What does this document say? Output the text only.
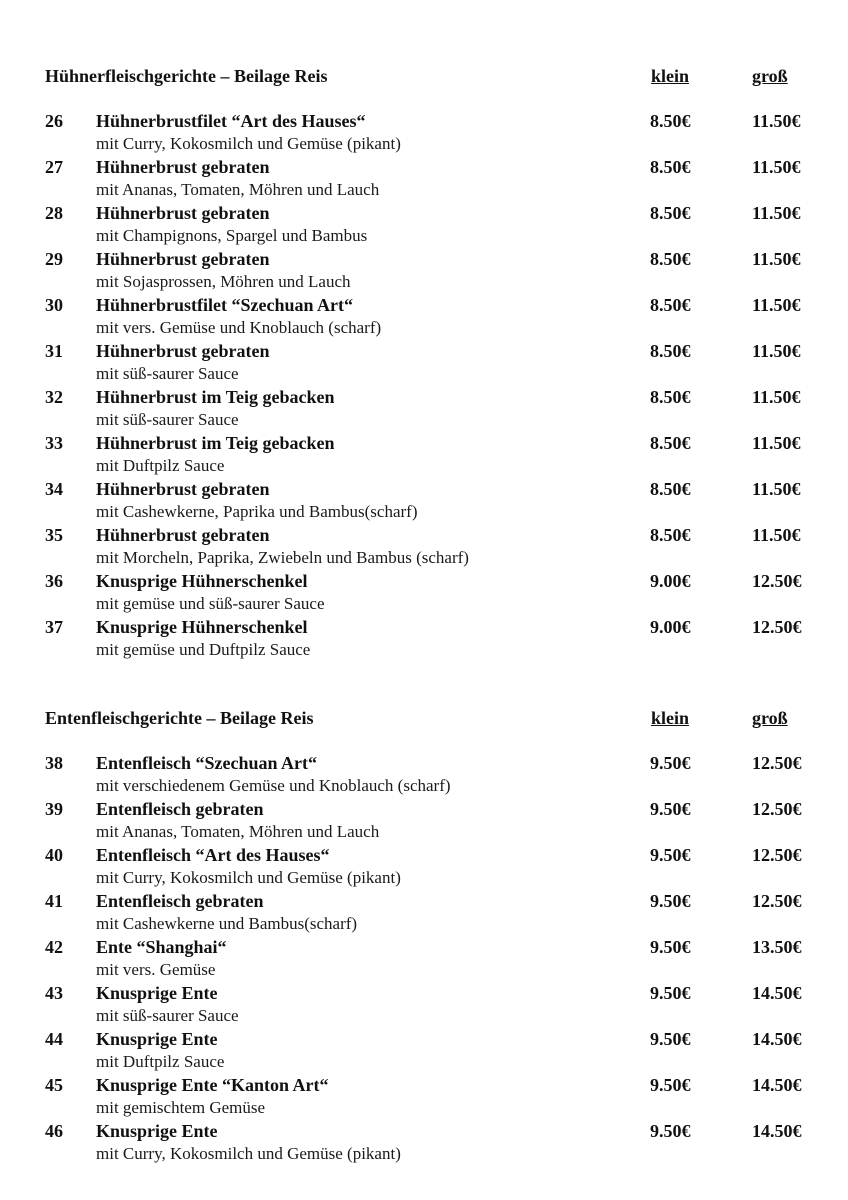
Hühnerfleischgerichte – Beilage Reis	klein	groß
26 Hühnerbrustfilet “Art des Hauses“
mit Curry, Kokosmilch und Gemüse (pikant)
8.50€	11.50€
27 Hühnerbrust gebraten
mit Ananas, Tomaten, Möhren und Lauch
8.50€	11.50€
28 Hühnerbrust gebraten
mit Champignons, Spargel und Bambus
8.50€	11.50€
29 Hühnerbrust gebraten
mit Sojasprossen, Möhren und Lauch
8.50€	11.50€
30 Hühnerbrustfilet “Szechuan Art“
mit vers. Gemüse und Knoblauch (scharf)
8.50€	11.50€
31 Hühnerbrust gebraten
mit süß-saurer Sauce
8.50€	11.50€
32 Hühnerbrust im Teig gebacken
mit süß-saurer Sauce
8.50€	11.50€
33 Hühnerbrust im Teig gebacken
mit Duftpilz Sauce
8.50€	11.50€
34 Hühnerbrust gebraten
mit Cashewkerne, Paprika und Bambus(scharf)
8.50€	11.50€
35 Hühnerbrust gebraten
mit Morcheln, Paprika, Zwiebeln und Bambus (scharf)
8.50€	11.50€
36 Knusprige Hühnerschenkel
mit gemüse und süß-saurer Sauce
9.00€	12.50€
37 Knusprige Hühnerschenkel
mit gemüse und Duftpilz Sauce
9.00€	12.50€
Entenfleischgerichte – Beilage Reis	klein	groß
38 Entenfleisch “Szechuan Art“
mit verschiedenem Gemüse und Knoblauch (scharf)
9.50€	12.50€
39 Entenfleisch gebraten
mit Ananas, Tomaten, Möhren und Lauch
9.50€	12.50€
40 Entenfleisch “Art des Hauses“
mit Curry, Kokosmilch und Gemüse (pikant)
9.50€	12.50€
41 Entenfleisch gebraten
mit Cashewkerne und Bambus(scharf)
9.50€	12.50€
42 Ente “Shanghai“
mit vers. Gemüse
9.50€	13.50€
43 Knusprige Ente
mit süß-saurer Sauce
9.50€	14.50€
44 Knusprige Ente
mit Duftpilz Sauce
9.50€	14.50€
45 Knusprige Ente “Kanton Art“
mit gemischtem Gemüse
9.50€	14.50€
46 Knusprige Ente
mit Curry, Kokosmilch und Gemüse (pikant)
9.50€	14.50€
